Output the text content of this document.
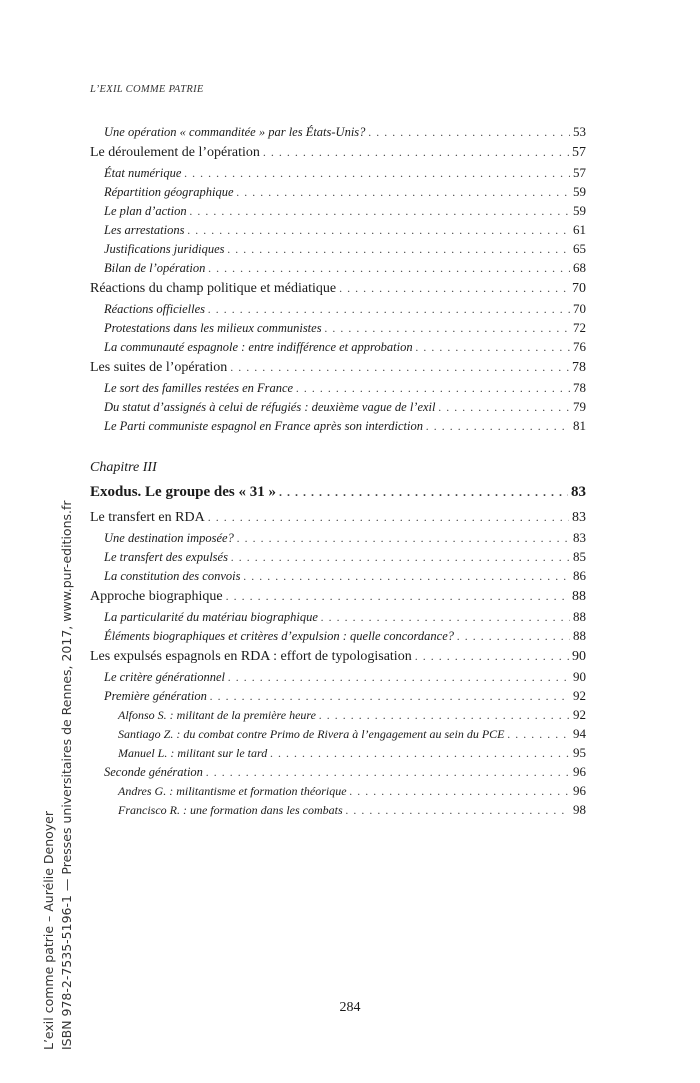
L’EXIL COMME PATRIE
Une opération « commanditée » par les États-Unis? . . .	53
Le déroulement de l’opération . . .	57
État numérique . . .	57
Répartition géographique . . .	59
Le plan d’action . . .	59
Les arrestations . . .	61
Justifications juridiques . . .	65
Bilan de l’opération . . .	68
Réactions du champ politique et médiatique . . .	70
Réactions officielles . . .	70
Protestations dans les milieux communistes . . .	72
La communauté espagnole : entre indifférence et approbation . . .	76
Les suites de l’opération . . .	78
Le sort des familles restées en France . . .	78
Du statut d’assignés à celui de réfugiés : deuxième vague de l’exil . . .	79
Le Parti communiste espagnol en France après son interdiction . . .	81
Chapitre III
Exodus. Le groupe des « 31 » . . .	83
Le transfert en RDA . . .	83
Une destination imposée? . . .	83
Le transfert des expulsés . . .	85
La constitution des convois . . .	86
Approche biographique . . .	88
La particularité du matériau biographique . . .	88
Éléments biographiques et critères d’expulsion : quelle concordance? . . .	88
Les expulsés espagnols en RDA : effort de typologisation . . .	90
Le critère générationnel . . .	90
Première génération . . .	92
Alfonso S. : militant de la première heure . . .	92
Santiago Z. : du combat contre Primo de Rivera à l’engagement au sein du PCE . . .	94
Manuel L. : militant sur le tard . . .	95
Seconde génération . . .	96
Andres G. : militantisme et formation théorique . . .	96
Francisco R. : une formation dans les combats . . .	98
284
L’exil comme patrie – Aurélie Denoyer ISBN 978-2-7535-5196-1 — Presses universitaires de Rennes, 2017, www.pur-editions.fr
